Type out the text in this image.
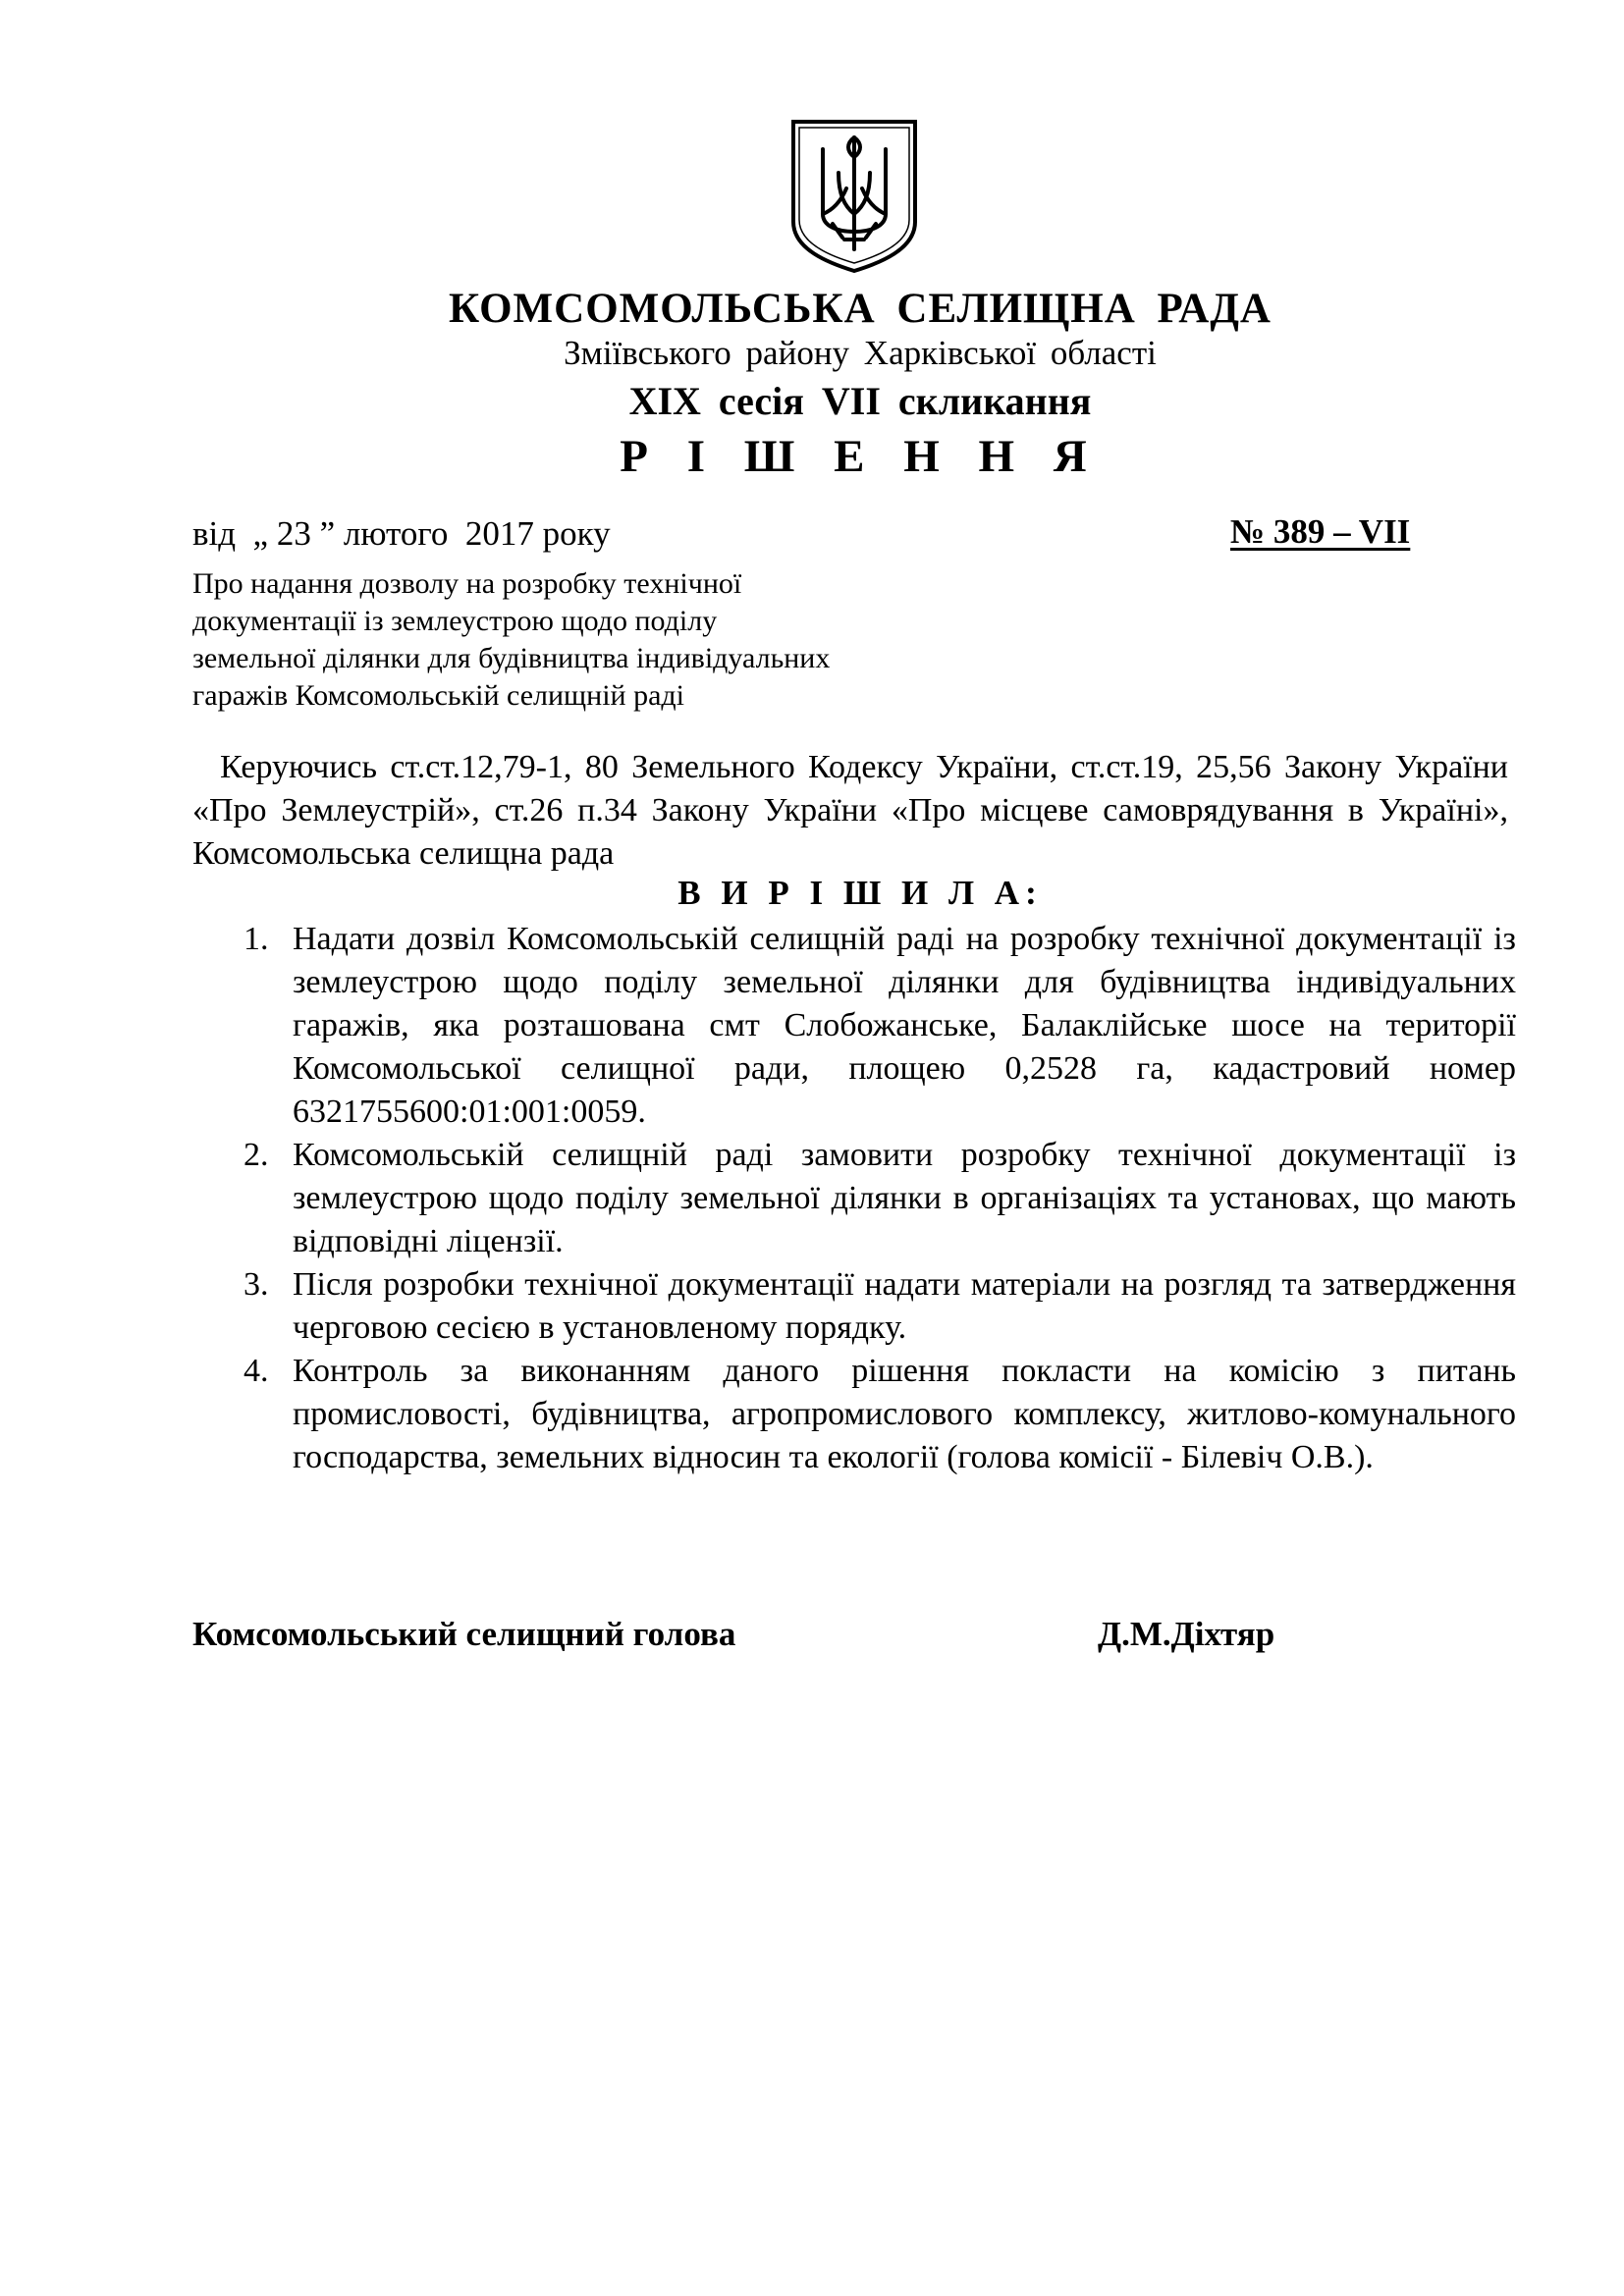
КОМСОМОЛЬСЬКА СЕЛИЩНА РАДА
Зміївського району Харківської області
XIX сесія VII скликання
Р І Ш Е Н Н Я
від  „ 23 ” лютого  2017 року	№ 389 – VII
Про надання дозволу на розробку технічної
документації із землеустрою щодо поділу
земельної ділянки для будівництва індивідуальних
гаражів Комсомольській селищній раді
Керуючись ст.ст.12,79-1, 80 Земельного Кодексу України, ст.ст.19, 25,56 Закону України «Про Землеустрій», ст.26 п.34 Закону України «Про місцеве самоврядування в Україні», Комсомольська селищна рада
В И Р І Ш И Л А:
1. Надати дозвіл Комсомольській селищній раді на розробку технічної документації із землеустрою щодо поділу земельної ділянки для будівництва індивідуальних гаражів, яка розташована смт Слобожанське, Балаклійське шосе на території Комсомольської селищної ради, площею 0,2528 га, кадастровий номер 6321755600:01:001:0059.
2. Комсомольській селищній раді замовити розробку технічної документації із землеустрою щодо поділу земельної ділянки в організаціях та установах, що мають відповідні ліцензії.
3. Після розробки технічної документації надати матеріали на розгляд та затвердження черговою сесією в установленому порядку.
4. Контроль за виконанням даного рішення покласти на комісію з питань промисловості, будівництва, агропромислового комплексу, житлово-комунального господарства, земельних відносин та екології (голова комісії - Білевіч О.В.).
Комсомольський селищний голова	Д.М.Діхтяр
